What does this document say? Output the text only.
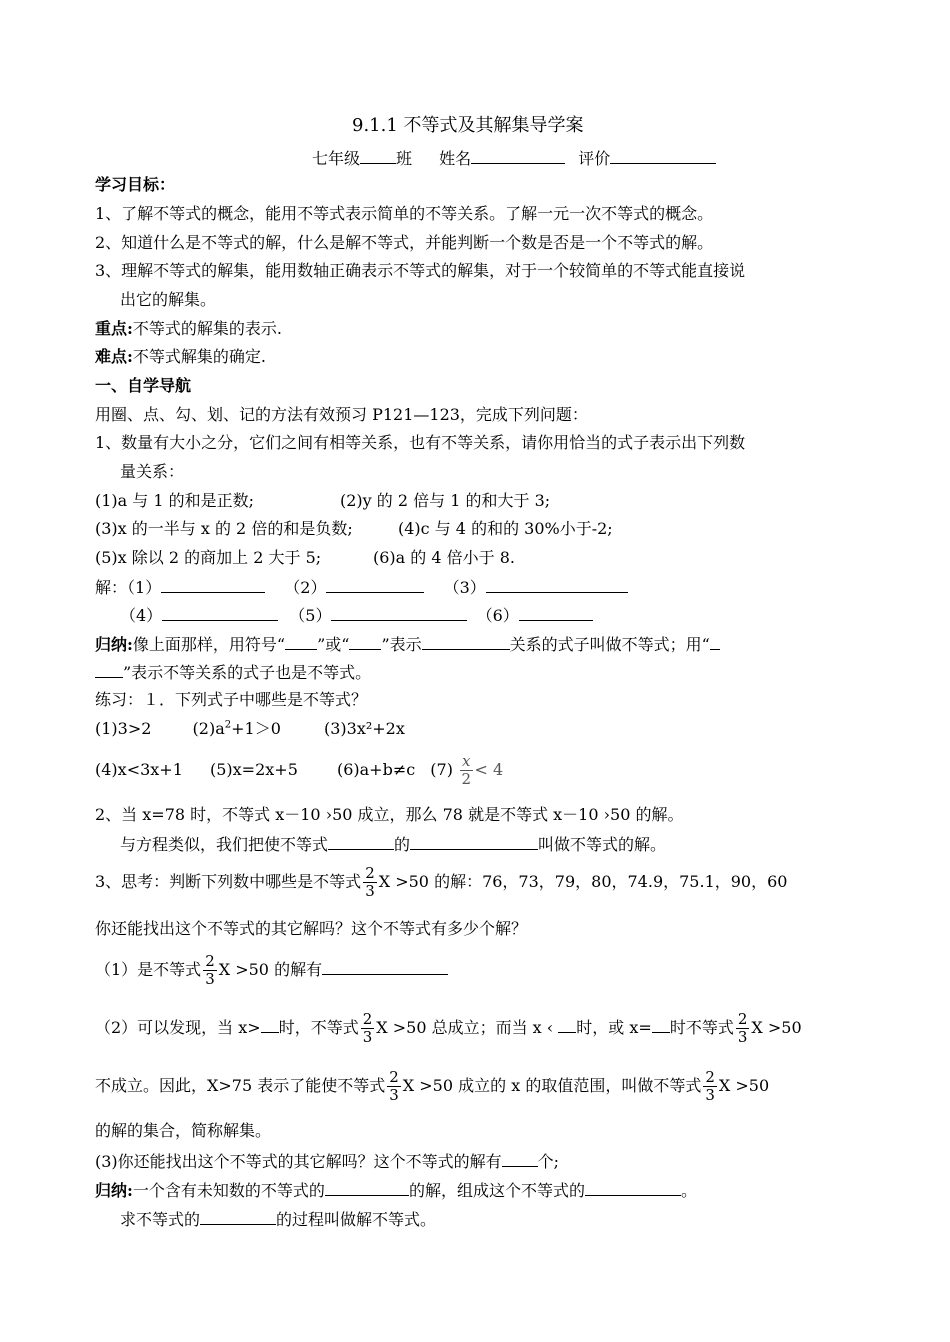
9.1.1 不等式及其解集导学案
七年级 班 姓名	评价
学习目标：
1、了解不等式的概念，能用不等式表示简单的不等关系。了解一元一次不等式的概念。
2、知道什么是不等式的解，什么是解不等式，并能判断一个数是否是一个不等式的解。
3、理解不等式的解集，能用数轴正确表示不等式的解集，对于一个较简单的不等式能直接说
出它的解集。
重点:不等式的解集的表示.
难点:不等式解集的确定.
一、自学导航
用圈、点、勾、划、记的方法有效预习 P121—123，完成下列问题：
1、数量有大小之分，它们之间有相等关系，也有不等关系，请你用恰当的式子表示出下列数
量关系：
(1)a 与 1 的和是正数;	(2)y 的 2 倍与 1 的和大于 3;
(3)x 的一半与 x 的 2 倍的和是负数;	(4)c 与 4 的和的 30%小于-2;
(5)x 除以 2 的商加上 2 大于 5;	(6)a 的 4 倍小于 8.
解：（1）	（2）	（3）
（4）	（5）	（6）
归纳:像上面那样，用符号“ ”或“ ”表示	关系的式子叫做不等式；用“
”表示不等关系的式子也是不等式。
练习：１．下列式子中哪些是不等式？
(1)3>2	$(2)a^2+1>0$	(3)3x²+2x
(4)x<3x+1 (5)x=2x+5 (6)a+b≠c $(7) \frac{x}{2} < 4$
2、当 x=78 时，不等式 x－10 ›50 成立，那么 78 就是不等式 x－10 ›50 的解。
与方程类似，我们把使不等式	的	叫做不等式的解。
3、思考：判断下列数中哪些是不等式 $\frac{2}{3}$ X >50 的解：76，73，79，80，74.9，75.1，90，60
你还能找出这个不等式的其它解吗？这个不等式有多少个解？
（1）是不等式 $\frac{2}{3}$ X >50 的解有
（2）可以发现，当 x> 时，不等式 $\frac{2}{3}$ X >50 总成立；而当 x ‹ 时，或 x= 时不等式 $\frac{2}{3}$ X >50
不成立。因此，X>75 表示了能使不等式 $\frac{2}{3}$ X >50 成立的 x 的取值范围，叫做不等式 $\frac{2}{3}$ X >50
的解的集合，简称解集。
(3)你还能找出这个不等式的其它解吗？这个不等式的解有 个;
归纳:一个含有未知数的不等式的	的解，组成这个不等式的	。
求不等式的	的过程叫做解不等式。
